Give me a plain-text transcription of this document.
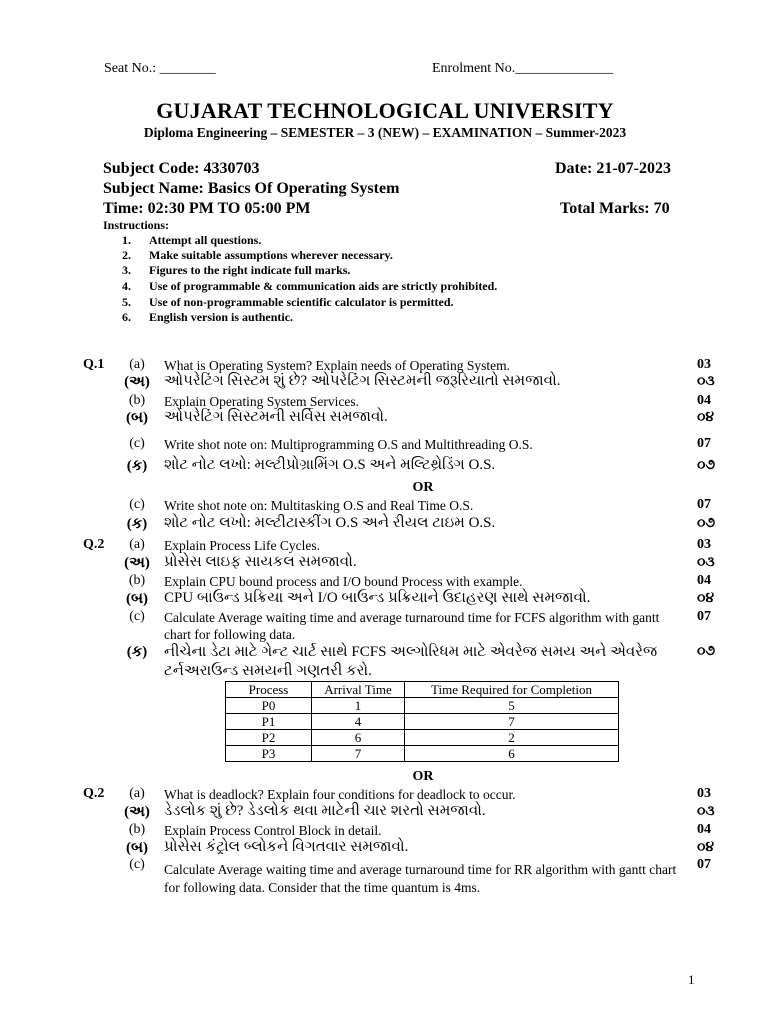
Seat No.: ________	Enrolment No.______________
GUJARAT TECHNOLOGICAL UNIVERSITY
Diploma Engineering – SEMESTER – 3 (NEW) – EXAMINATION – Summer-2023
Subject Code: 4330703	Date: 21-07-2023
Subject Name: Basics Of Operating System
Time: 02:30 PM TO 05:00 PM	Total Marks: 70
Instructions:
1. Attempt all questions.
2. Make suitable assumptions wherever necessary.
3. Figures to the right indicate full marks.
4. Use of programmable & communication aids are strictly prohibited.
5. Use of non-programmable scientific calculator is permitted.
6. English version is authentic.
Q.1	(a)	What is Operating System? Explain needs of Operating System.	03
(અ) ઓપરેટિંગ સિસ્ટમ શું છે? ઓપરેટિંગ સિસ્ટમની જરૂરિયાતો સમજાવો.	૦૩
(b)	Explain Operating System Services.	04
(બ)	ઓપરેટિંગ સિસ્ટમની સર્વિસ સમજાવો.	૦૪
(c)	Write shot note on: Multiprogramming O.S and Multithreading O.S.	07
(ક)	શોટ નોટ લખો: મલ્ટીપ્રોગ્રામિંગ O.S અને મલ્ટિથ્રેડિંગ O.S.	૦૭
OR
(c)	Write shot note on: Multitasking O.S and Real Time O.S.	07
(ક)	શોટ નોટ લખો: મલ્ટીટાસ્કીંગ O.S અને રીયલ ટાઇમ O.S.	૦૭
Q.2	(a)	Explain Process Life Cycles.	03
(અ) પ્રોસેસ લાઇફ સાયકલ સમજાવો.	૦૩
(b)	Explain CPU bound process and I/O bound Process with example.	04
(બ)	CPU બાઉન્ડ પ્રક્રિયા અને I/O બાઉન્ડ પ્રક્રિયાને ઉદાહરણ સાથે સમજાવો.	૦૪
(c)	Calculate Average waiting time and average turnaround time for FCFS algorithm with gantt chart for following data.
07
(ક)	નીચેના ડેટા માટે ગેન્ટ ચાર્ટ સાથે FCFS અલ્ગોરિધમ માટે એવરેજ સમય અને એવરેજ ટર્નઅરાઉન્ડ સમયની ગણતરી કરો.
૦૭
Process	Arrival Time	Time Required for Completion
P0	1	5
P1	4	7
P2	6	2
P3	7	6
OR
Q.2	(a)	What is deadlock? Explain four conditions for deadlock to occur.	03
(અ) ડેડલોક શું છે? ડેડલોક થવા માટેની ચાર શરતો સમજાવો.	૦૩
(b)	Explain Process Control Block in detail.	04
(બ)	પ્રોસેસ કંટ્રોલ બ્લોકને વિગતવાર સમજાવો.	૦૪
(c)	Calculate Average waiting time and average turnaround time for RR algorithm with gantt chart for following data. Consider that the time quantum is 4ms.
07
1
